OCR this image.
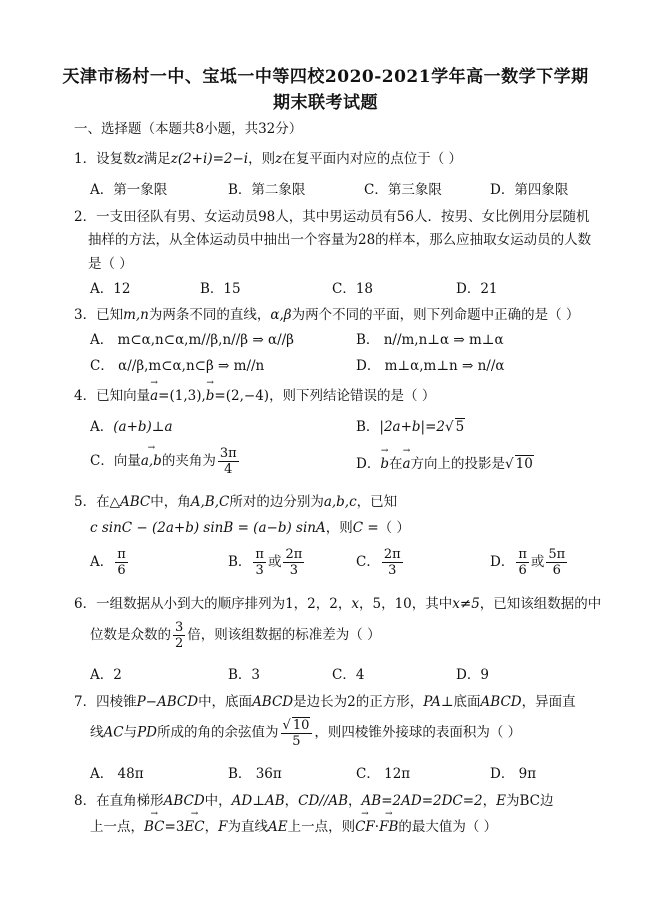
天津市杨村一中、宝坻一中等四校2020-2021学年高一数学下学期
期末联考试题
一、选择题（本题共8小题，共32分）
1．设复数z满足z(2+i)=2−i，则z在复平面内对应的点位于（ ）
A．第一象限	B．第二象限	C．第三象限	D．第四象限
2．一支田径队有男、女运动员98人，其中男运动员有56人．按男、女比例用分层随机
抽样的方法，从全体运动员中抽出一个容量为28的样本，那么应抽取女运动员的人数
是（ ）
A．12	B．15	C．18	D．21
3．已知m,n为两条不同的直线，α,β为两个不同的平面，则下列命题中正确的是（ ）
A． m⊂α,n⊂α,m//β,n//β ⇒ α//β	B． n//m,n⊥α ⇒ m⊥α
C． α//β,m⊂α,n⊂β ⇒ m//n	D． m⊥α,m⊥n ⇒ n//α
4．已知向量→ a=(1,3),→ b=(2,−4)，则下列结论错误的是（ ）
A．(a+b)⊥a	B．|2a+b|=2√ 5
C．向量→ a,b的夹角为 $\frac{3\pi}{4}$	D．→ b在→ a方向上的投影是√ 10
5．在△ABC中，角A,B,C所对的边分别为a,b,c，已知
c sinC − (2a+b) sinB = (a−b) sinA，则C =（ ）
A． $\frac{\pi}{6}$	B． $\frac{\pi}{3}$ 或 $\frac{2\pi}{3}$	C． $\frac{2\pi}{3}$	D． $\frac{\pi}{6}$ 或 $\frac{5\pi}{6}$
6．一组数据从小到大的顺序排列为1，2，2，x，5，10，其中x≠5，已知该组数据的中
位数是众数的 $\frac{3}{2}$ 倍，则该组数据的标准差为（ ）
A．2	B．3	C．4	D．9
7．四棱锥P−ABCD中，底面ABCD是边长为2的正方形，PA⊥底面ABCD，异面直
线AC与PD所成的角的余弦值为 $\frac{√ 10}{5}$ ，则四棱锥外接球的表面积为（ ）
A． 48π	B． 36π	C． 12π	D． 9π
8．在直角梯形ABCD中，AD⊥AB，CD//AB，AB=2AD=2DC=2，E为BC边
上一点，→ BC=3→ EC，F为直线AE上一点，则→ CF·→ FB的最大值为（ ）
